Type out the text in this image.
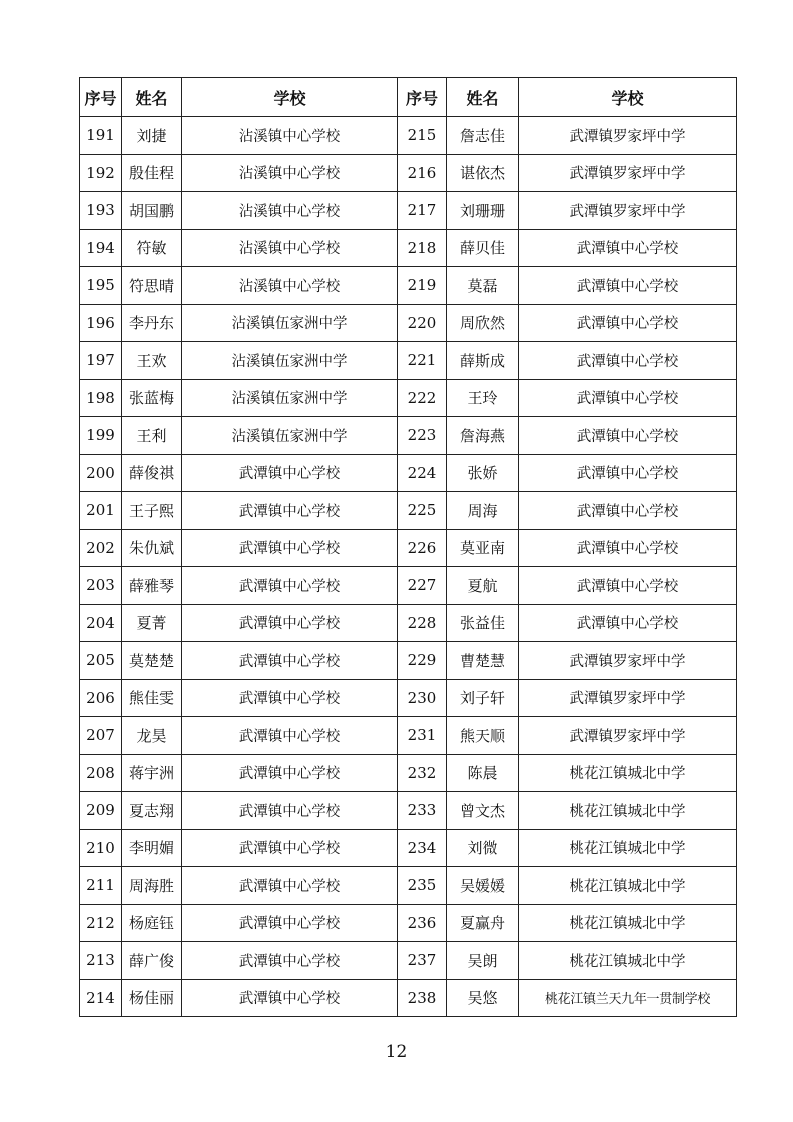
序号	姓名	学校	序号	姓名	学校
191	刘捷	沾溪镇中心学校	215	詹志佳	武潭镇罗家坪中学
192	殷佳程	沾溪镇中心学校	216	谌依杰	武潭镇罗家坪中学
193	胡国鹏	沾溪镇中心学校	217	刘珊珊	武潭镇罗家坪中学
194	符敏	沾溪镇中心学校	218	薛贝佳	武潭镇中心学校
195	符思晴	沾溪镇中心学校	219	莫磊	武潭镇中心学校
196	李丹东	沾溪镇伍家洲中学	220	周欣然	武潭镇中心学校
197	王欢	沾溪镇伍家洲中学	221	薛斯成	武潭镇中心学校
198	张蓝梅	沾溪镇伍家洲中学	222	王玲	武潭镇中心学校
199	王利	沾溪镇伍家洲中学	223	詹海燕	武潭镇中心学校
200	薛俊祺	武潭镇中心学校	224	张娇	武潭镇中心学校
201	王子熙	武潭镇中心学校	225	周海	武潭镇中心学校
202	朱仇斌	武潭镇中心学校	226	莫亚南	武潭镇中心学校
203	薛雅琴	武潭镇中心学校	227	夏航	武潭镇中心学校
204	夏菁	武潭镇中心学校	228	张益佳	武潭镇中心学校
205	莫楚楚	武潭镇中心学校	229	曹楚慧	武潭镇罗家坪中学
206	熊佳雯	武潭镇中心学校	230	刘子轩	武潭镇罗家坪中学
207	龙昊	武潭镇中心学校	231	熊天顺	武潭镇罗家坪中学
208	蒋宇洲	武潭镇中心学校	232	陈晨	桃花江镇城北中学
209	夏志翔	武潭镇中心学校	233	曾文杰	桃花江镇城北中学
210	李明媚	武潭镇中心学校	234	刘微	桃花江镇城北中学
211	周海胜	武潭镇中心学校	235	吴媛媛	桃花江镇城北中学
212	杨庭钰	武潭镇中心学校	236	夏赢舟	桃花江镇城北中学
213	薛广俊	武潭镇中心学校	237	吴朗	桃花江镇城北中学
214	杨佳丽	武潭镇中心学校	238	吴悠	桃花江镇兰天九年一贯制学校
12
